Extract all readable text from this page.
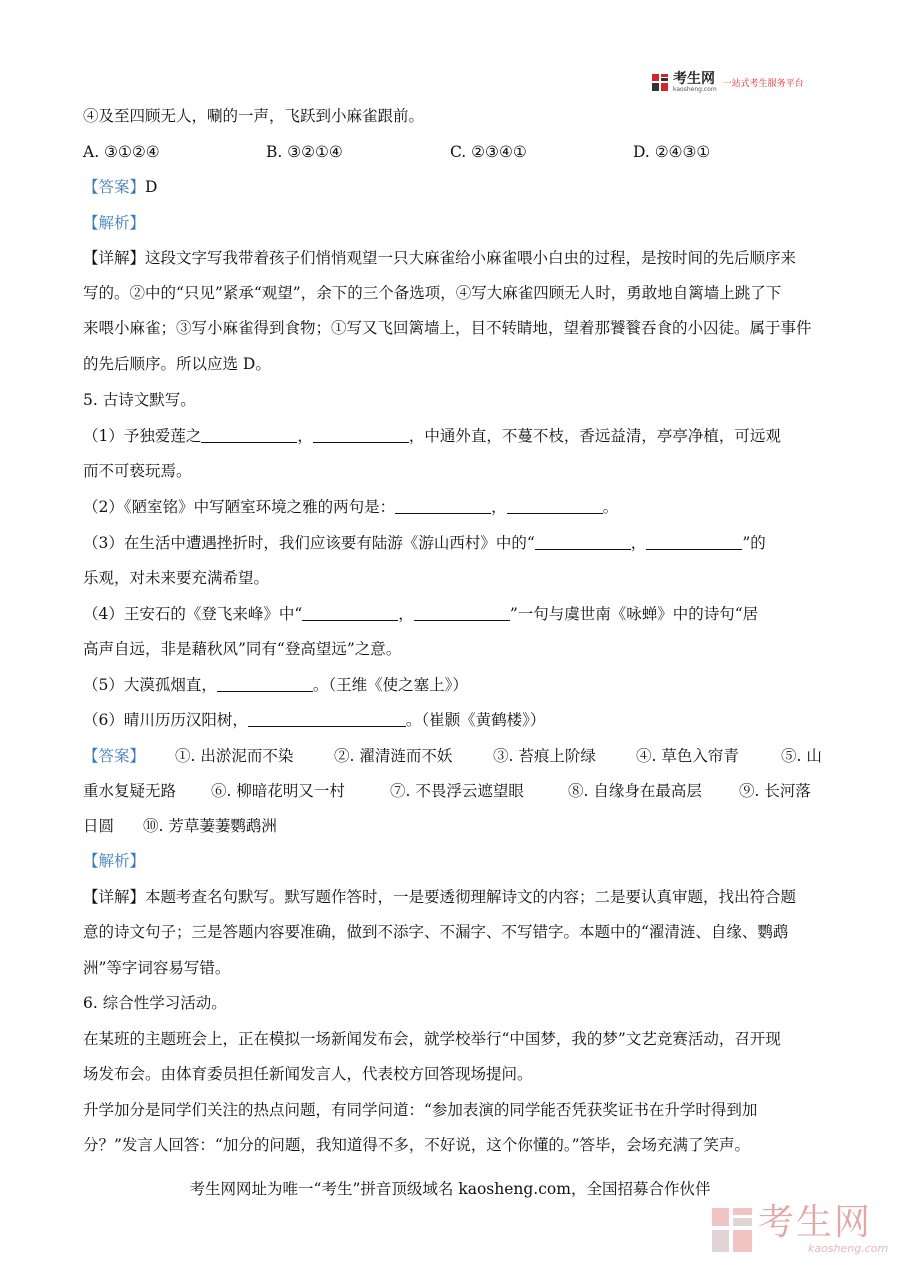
考生网
kaosheng.com
一站式考生服务平台
④及至四顾无人，唰的一声，飞跃到小麻雀跟前。
A. ③①②④	B. ③②①④	C. ②③④①	D. ②④③①
【答案】D
【解析】
【详解】这段文字写我带着孩子们悄悄观望一只大麻雀给小麻雀喂小白虫的过程，是按时间的先后顺序来
写的。②中的“只见”紧承“观望”，余下的三个备选项，④写大麻雀四顾无人时，勇敢地自篱墙上跳了下
来喂小麻雀；③写小麻雀得到食物；①写又飞回篱墙上，目不转睛地，望着那饕餮吞食的小囚徒。属于事件
的先后顺序。所以应选 D。
5. 古诗文默写。
（1）予独爱莲之	，	，中通外直，不蔓不枝，香远益清，亭亭净植，可远观
而不可亵玩焉。
（2）《陋室铭》中写陋室环境之雅的两句是：	，	。
（3）在生活中遭遇挫折时，我们应该要有陆游《游山西村》中的“	，	”的
乐观，对未来要充满希望。
（4）王安石的《登飞来峰》中“	，	”一句与虞世南《咏蝉》中的诗句“居
高声自远，非是藉秋风”同有“登高望远”之意。
（5）大漠孤烟直，	。（王维《使之塞上》）
（6）晴川历历汉阳树，	。（崔颢《黄鹤楼》）
【答案】 ①. 出淤泥而不染	②. 濯清涟而不妖	③. 苔痕上阶绿	④. 草色入帘青	⑤. 山
重水复疑无路 ⑥. 柳暗花明又一村	⑦. 不畏浮云遮望眼	⑧. 自缘身在最高层 ⑨. 长河落
日圆 ⑩. 芳草萋萋鹦鹉洲
【解析】
【详解】本题考查名句默写。默写题作答时，一是要透彻理解诗文的内容；二是要认真审题，找出符合题
意的诗文句子；三是答题内容要准确，做到不添字、不漏字、不写错字。本题中的“濯清涟、自缘、鹦鹉
洲”等字词容易写错。
6. 综合性学习活动。
在某班的主题班会上，正在模拟一场新闻发布会，就学校举行“中国梦，我的梦”文艺竞赛活动，召开现
场发布会。由体育委员担任新闻发言人，代表校方回答现场提问。
升学加分是同学们关注的热点问题，有同学问道：“参加表演的同学能否凭获奖证书在升学时得到加
分？”发言人回答：“加分的问题，我知道得不多，不好说，这个你懂的。”答毕，会场充满了笑声。
考生网网址为唯一“考生”拼音顶级域名 kaosheng.com，全国招募合作伙伴
考生网
kaosheng.com
